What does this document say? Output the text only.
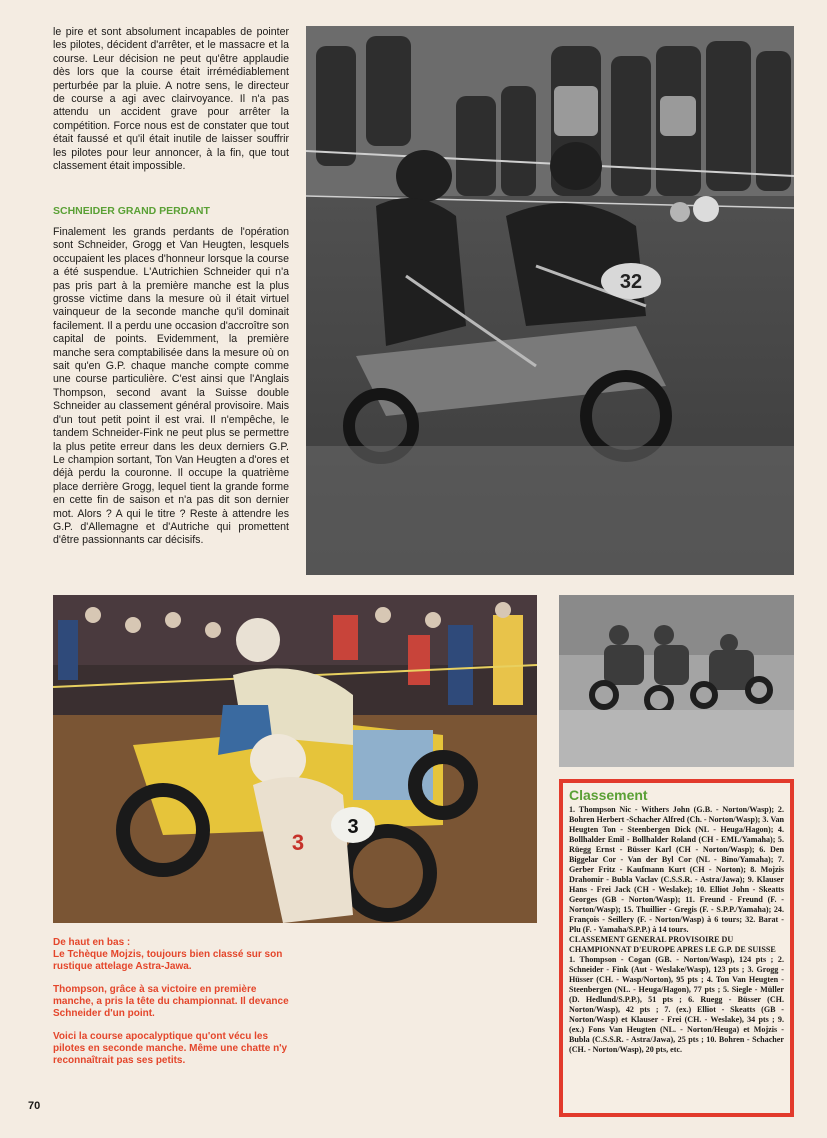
le pire et sont absolument incapables de pointer les pilotes, décident d'arrêter, et le massacre et la course. Leur décision ne peut qu'être applaudie dès lors que la course était irrémédiablement perturbée par la pluie. A notre sens, le directeur de course a agi avec clairvoyance. Il n'a pas attendu un accident grave pour arrêter la compétition. Force nous est de constater que tout était faussé et qu'il était inutile de laisser souffrir les pilotes pour leur annoncer, à la fin, que tout classement était impossible.

SCHNEIDER GRAND PERDANT

Finalement les grands perdants de l'opération sont Schneider, Grogg et Van Heugten, lesquels occupaient les places d'honneur lorsque la course a été suspendue. L'Autrichien Schneider qui n'a pas pris part à la première manche est la plus grosse victime dans la mesure où il était virtuel vainqueur de la seconde manche qu'il dominait facilement. Il a perdu une occasion d'accroître son capital de points. Evidemment, la première manche sera comptabilisée dans la mesure où on sait qu'en G.P. chaque manche compte comme une course particulière. C'est ainsi que l'Anglais Thompson, second avant la Suisse double Schneider au classement général provisoire. Mais d'un tout petit point il est vrai. Il n'empêche, le tandem Schneider-Fink ne peut plus se permettre la plus petite erreur dans les deux derniers G.P. Le champion sortant, Ton Van Heugten a d'ores et déjà perdu la couronne. Il occupe la quatrième place derrière Grogg, lequel tient la grande forme en cette fin de saison et n'a pas dit son dernier mot. Alors ? A qui le titre ? Reste à attendre les G.P. d'Allemagne et d'Autriche qui promettent d'être passionnants car décisifs.

32
3
3

De haut en bas :
Le Tchèque Mojzis, toujours bien classé sur son rustique attelage Astra-Jawa.

Thompson, grâce à sa victoire en première manche, a pris la tête du championnat. Il devance Schneider d'un point.

Voici la course apocalyptique qu'ont vécu les pilotes en seconde manche. Même une chatte n'y reconnaîtrait pas ses petits.

Classement
1. Thompson Nic - Withers John (G.B. - Norton/Wasp); 2. Bohren Herbert -Schacher Alfred (Ch. - Norton/Wasp); 3. Van Heugten Ton - Steenbergen Dick (NL - Heuga/Hagon); 4. Bollhalder Emil - Bollhalder Roland (CH - EML/Yamaha); 5. Rüegg Ernst - Büsser Karl (CH - Norton/Wasp); 6. Den Biggelar Cor - Van der Byl Cor (NL - Bino/Yamaha); 7. Gerber Fritz - Kaufmann Kurt (CH - Norton); 8. Mojzis Drahomir - Bubla Vaclav (C.S.S.R. - Astra/Jawa); 9. Klauser Hans - Frei Jack (CH - Weslake); 10. Elliot John - Skeatts Georges (GB - Norton/Wasp); 11. Freund - Freund (F. - Norton/Wasp); 15. Thuillier - Gregis (F. - S.P.P./Yamaha); 24. François - Seillery (F. - Norton/Wasp) à 6 tours; 32. Barat - Plu (F. - Yamaha/S.P.P.) à 14 tours.
CLASSEMENT GENERAL PROVISOIRE DU CHAMPIONNAT D'EUROPE APRES LE G.P. DE SUISSE
1. Thompson - Cogan (GB. - Norton/Wasp), 124 pts ; 2. Schneider - Fink (Aut - Weslake/Wasp), 123 pts ; 3. Grogg - Hüsser (CH. - Wasp/Norton), 95 pts ; 4. Ton Van Heugten - Steenbergen (NL. - Heuga/Hagon), 77 pts ; 5. Siegle - Müller (D. Hedlund/S.P.P.), 51 pts ; 6. Ruegg - Büsser (CH. Norton/Wasp), 42 pts ; 7. (ex.) Elliot - Skeatts (GB - Norton/Wasp) et Klauser - Frei (CH. - Weslake), 34 pts ; 9. (ex.) Fons Van Heugten (NL. - Norton/Heuga) et Mojzis - Bubla (C.S.S.R. - Astra/Jawa), 25 pts ; 10. Bohren - Schacher (CH. - Norton/Wasp), 20 pts, etc.
70
